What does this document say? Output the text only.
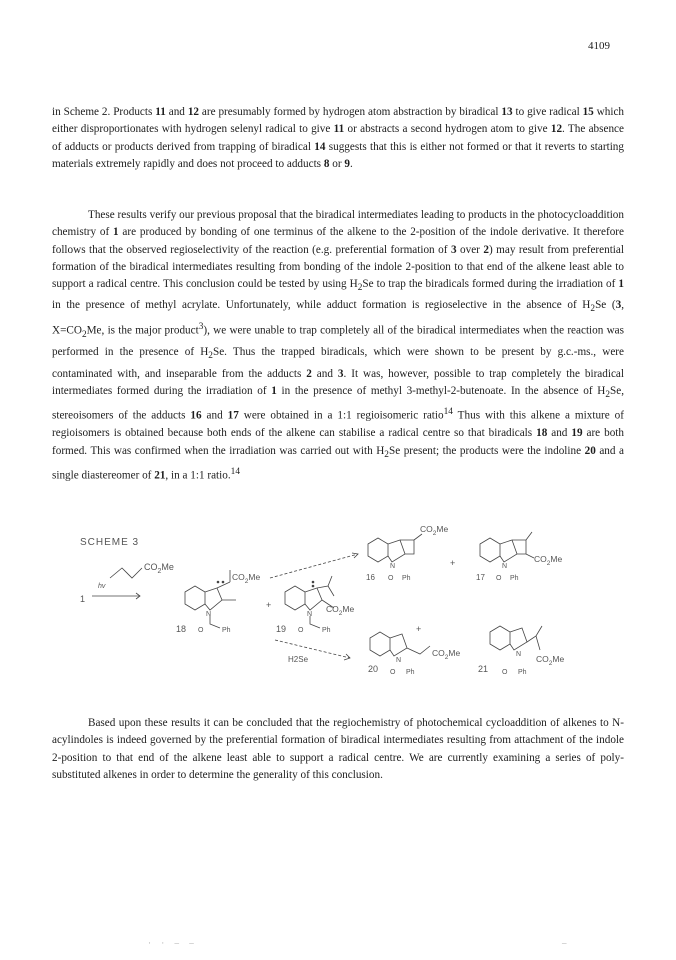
4109

in Scheme 2. Products 11 and 12 are presumably formed by hydrogen atom abstraction by biradical 13 to give radical 15 which either disproportionates with hydrogen selenyl radical to give 11 or abstracts a second hydrogen atom to give 12. The absence of adducts or products derived from trapping of biradical 14 suggests that this is either not formed or that it reverts to starting materials extremely rapidly and does not proceed to adducts 8 or 9.

These results verify our previous proposal that the biradical intermediates leading to products in the photocycloaddition chemistry of 1 are produced by bonding of one terminus of the alkene to the 2-position of the indole derivative. It therefore follows that the observed regioselectivity of the reaction (e.g. preferential formation of 3 over 2) may result from preferential formation of the biradical intermediates resulting from bonding of the indole 2-position to that end of the alkene least able to support a radical centre. This conclusion could be tested by using $H_2Se$ to trap the biradicals formed during the irradiation of 1 in the presence of methyl acrylate. Unfortunately, while adduct formation is regioselective in the absence of $H_2Se$ (3, $X=CO_2Me$, is the major product$^3$), we were unable to trap completely all of the biradical intermediates when the reaction was performed in the presence of $H_2Se$. Thus the trapped biradicals, which were shown to be present by g.c.-ms., were contaminated with, and inseparable from the adducts 2 and 3. It was, however, possible to trap completely the biradical intermediates formed during the irradiation of 1 in the presence of methyl 3-methyl-2-butenoate. In the absence of $H_2Se$, stereoisomers of the adducts 16 and 17 were obtained in a 1:1 regioisomeric ratio$^{14}$ Thus with this alkene a mixture of regioisomers is obtained because both ends of the alkene can stabilise a radical centre so that biradicals 18 and 19 are both formed. This was confirmed when the irradiation was carried out with $H_2Se$ present; the products were the indoline 20 and a single diastereomer of 21, in a 1:1 ratio.$^{14}$

SCHEME 3
$CO_2Me$
1
hv
$CO_2Me$
N
O	Ph
18
+	$CO_2Me$
N
O	Ph
19
H2Se
$CO_2Me$
N
O Ph
16
+	$CO_2Me$
N
O Ph
17
$CO_2Me$
N
O Ph
20
+
N $CO_2Me$
O Ph
21

Based upon these results it can be concluded that the regiochemistry of photochemical cycloaddition of alkenes to N-acylindoles is indeed governed by the preferential formation of biradical intermediates resulting from attachment of the indole 2-position to that end of the alkene least able to support a radical centre. We are currently examining a series of poly-substituted alkenes in order to determine the generality of this conclusion.

· · – –	–
